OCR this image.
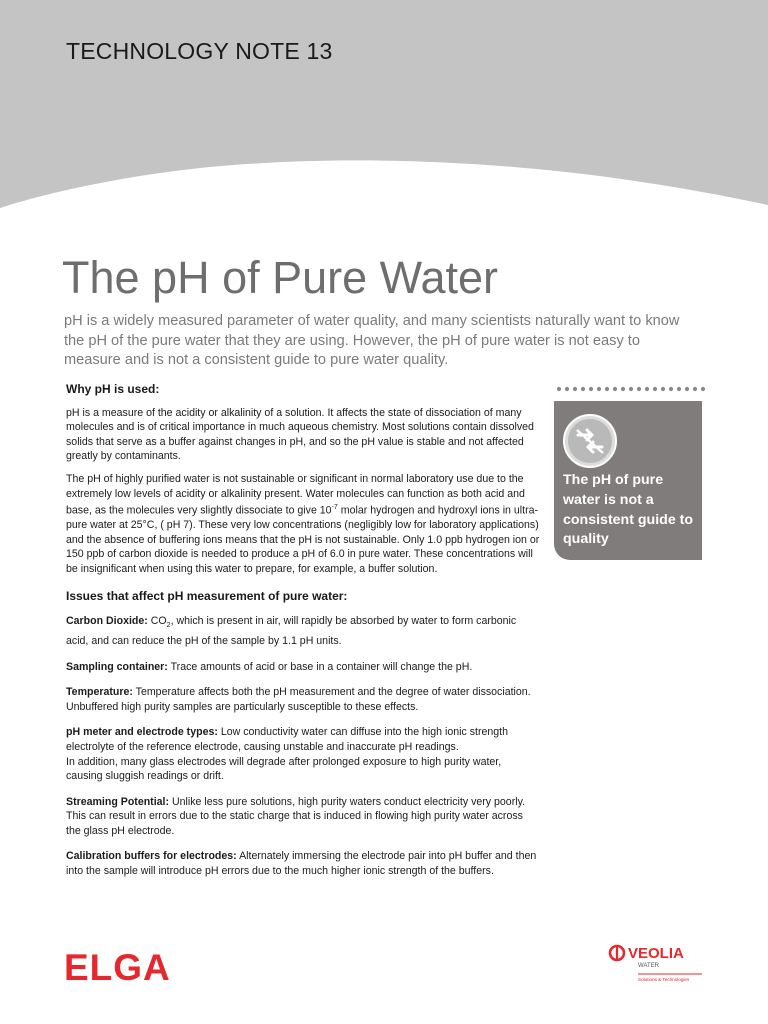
TECHNOLOGY NOTE 13
The pH of Pure Water

pH is a widely measured parameter of water quality, and many scientists naturally want to know the pH of the pure water that they are using. However, the pH of pure water is not easy to measure and is not a consistent guide to pure water quality.

Why pH is used:

pH is a measure of the acidity or alkalinity of a solution. It affects the state of dissociation of many molecules and is of critical importance in much aqueous chemistry. Most solutions contain dissolved solids that serve as a buffer against changes in pH, and so the pH value is stable and not affected greatly by contaminants.

The pH of highly purified water is not sustainable or significant in normal laboratory use due to the extremely low levels of acidity or alkalinity present. Water molecules can function as both acid and base, as the molecules very slightly dissociate to give $10^{-7}$ molar hydrogen and hydroxyl ions in ultra-pure water at 25°C, ( pH 7). These very low concentrations (negligibly low for laboratory applications) and the absence of buffering ions means that the pH is not sustainable. Only 1.0 ppb hydrogen ion or 150 ppb of carbon dioxide is needed to produce a pH of 6.0 in pure water. These concentrations will be insignificant when using this water to prepare, for example, a buffer solution.

Issues that affect pH measurement of pure water:

Carbon Dioxide: $CO_2$, which is present in air, will rapidly be absorbed by water to form carbonic acid, and can reduce the pH of the sample by 1.1 pH units.

Sampling container: Trace amounts of acid or base in a container will change the pH.

Temperature: Temperature affects both the pH measurement and the degree of water dissociation. Unbuffered high purity samples are particularly susceptible to these effects.

pH meter and electrode types: Low conductivity water can diffuse into the high ionic strength electrolyte of the reference electrode, causing unstable and inaccurate pH readings.
In addition, many glass electrodes will degrade after prolonged exposure to high purity water, causing sluggish readings or drift.

Streaming Potential: Unlike less pure solutions, high purity waters conduct electricity very poorly. This can result in errors due to the static charge that is induced in flowing high purity water across the glass pH electrode.

Calibration buffers for electrodes: Alternately immersing the electrode pair into pH buffer and then into the sample will introduce pH errors due to the much higher ionic strength of the buffers.

The pH of pure water is not a consistent guide to quality
ELGA	VEOLIA
WATER
Solutions & Technologies
